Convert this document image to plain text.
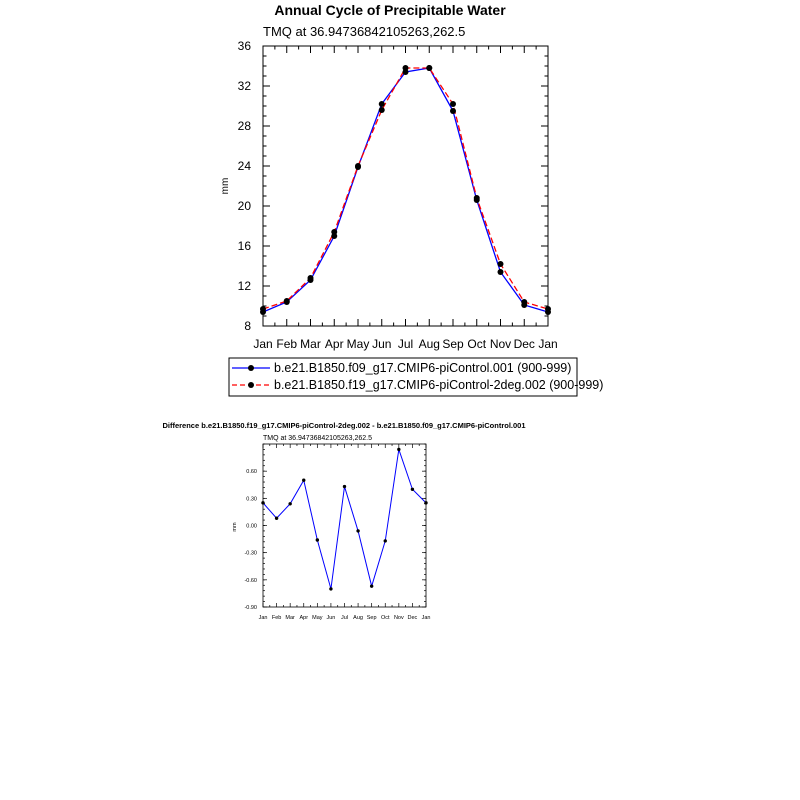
Annual Cycle of Precipitable Water
TMQ at 36.94736842105263,262.5
mm
Jan Feb Mar Apr May Jun Jul Aug Sep Oct Nov Dec Jan
8
12
16
20
24
28
32
36
b.e21.B1850.f09_g17.CMIP6-piControl.001 (900-999)
b.e21.B1850.f19_g17.CMIP6-piControl-2deg.002 (900-999)
Difference b.e21.B1850.f19_g17.CMIP6-piControl-2deg.002 - b.e21.B1850.f09_g17.CMIP6-piControl.001
TMQ at 36.94736842105263,262.5
mm
Jan Feb Mar Apr May Jun Jul Aug Sep Oct Nov Dec Jan
-0.90
-0.60
-0.30
0.00
0.30
0.60
